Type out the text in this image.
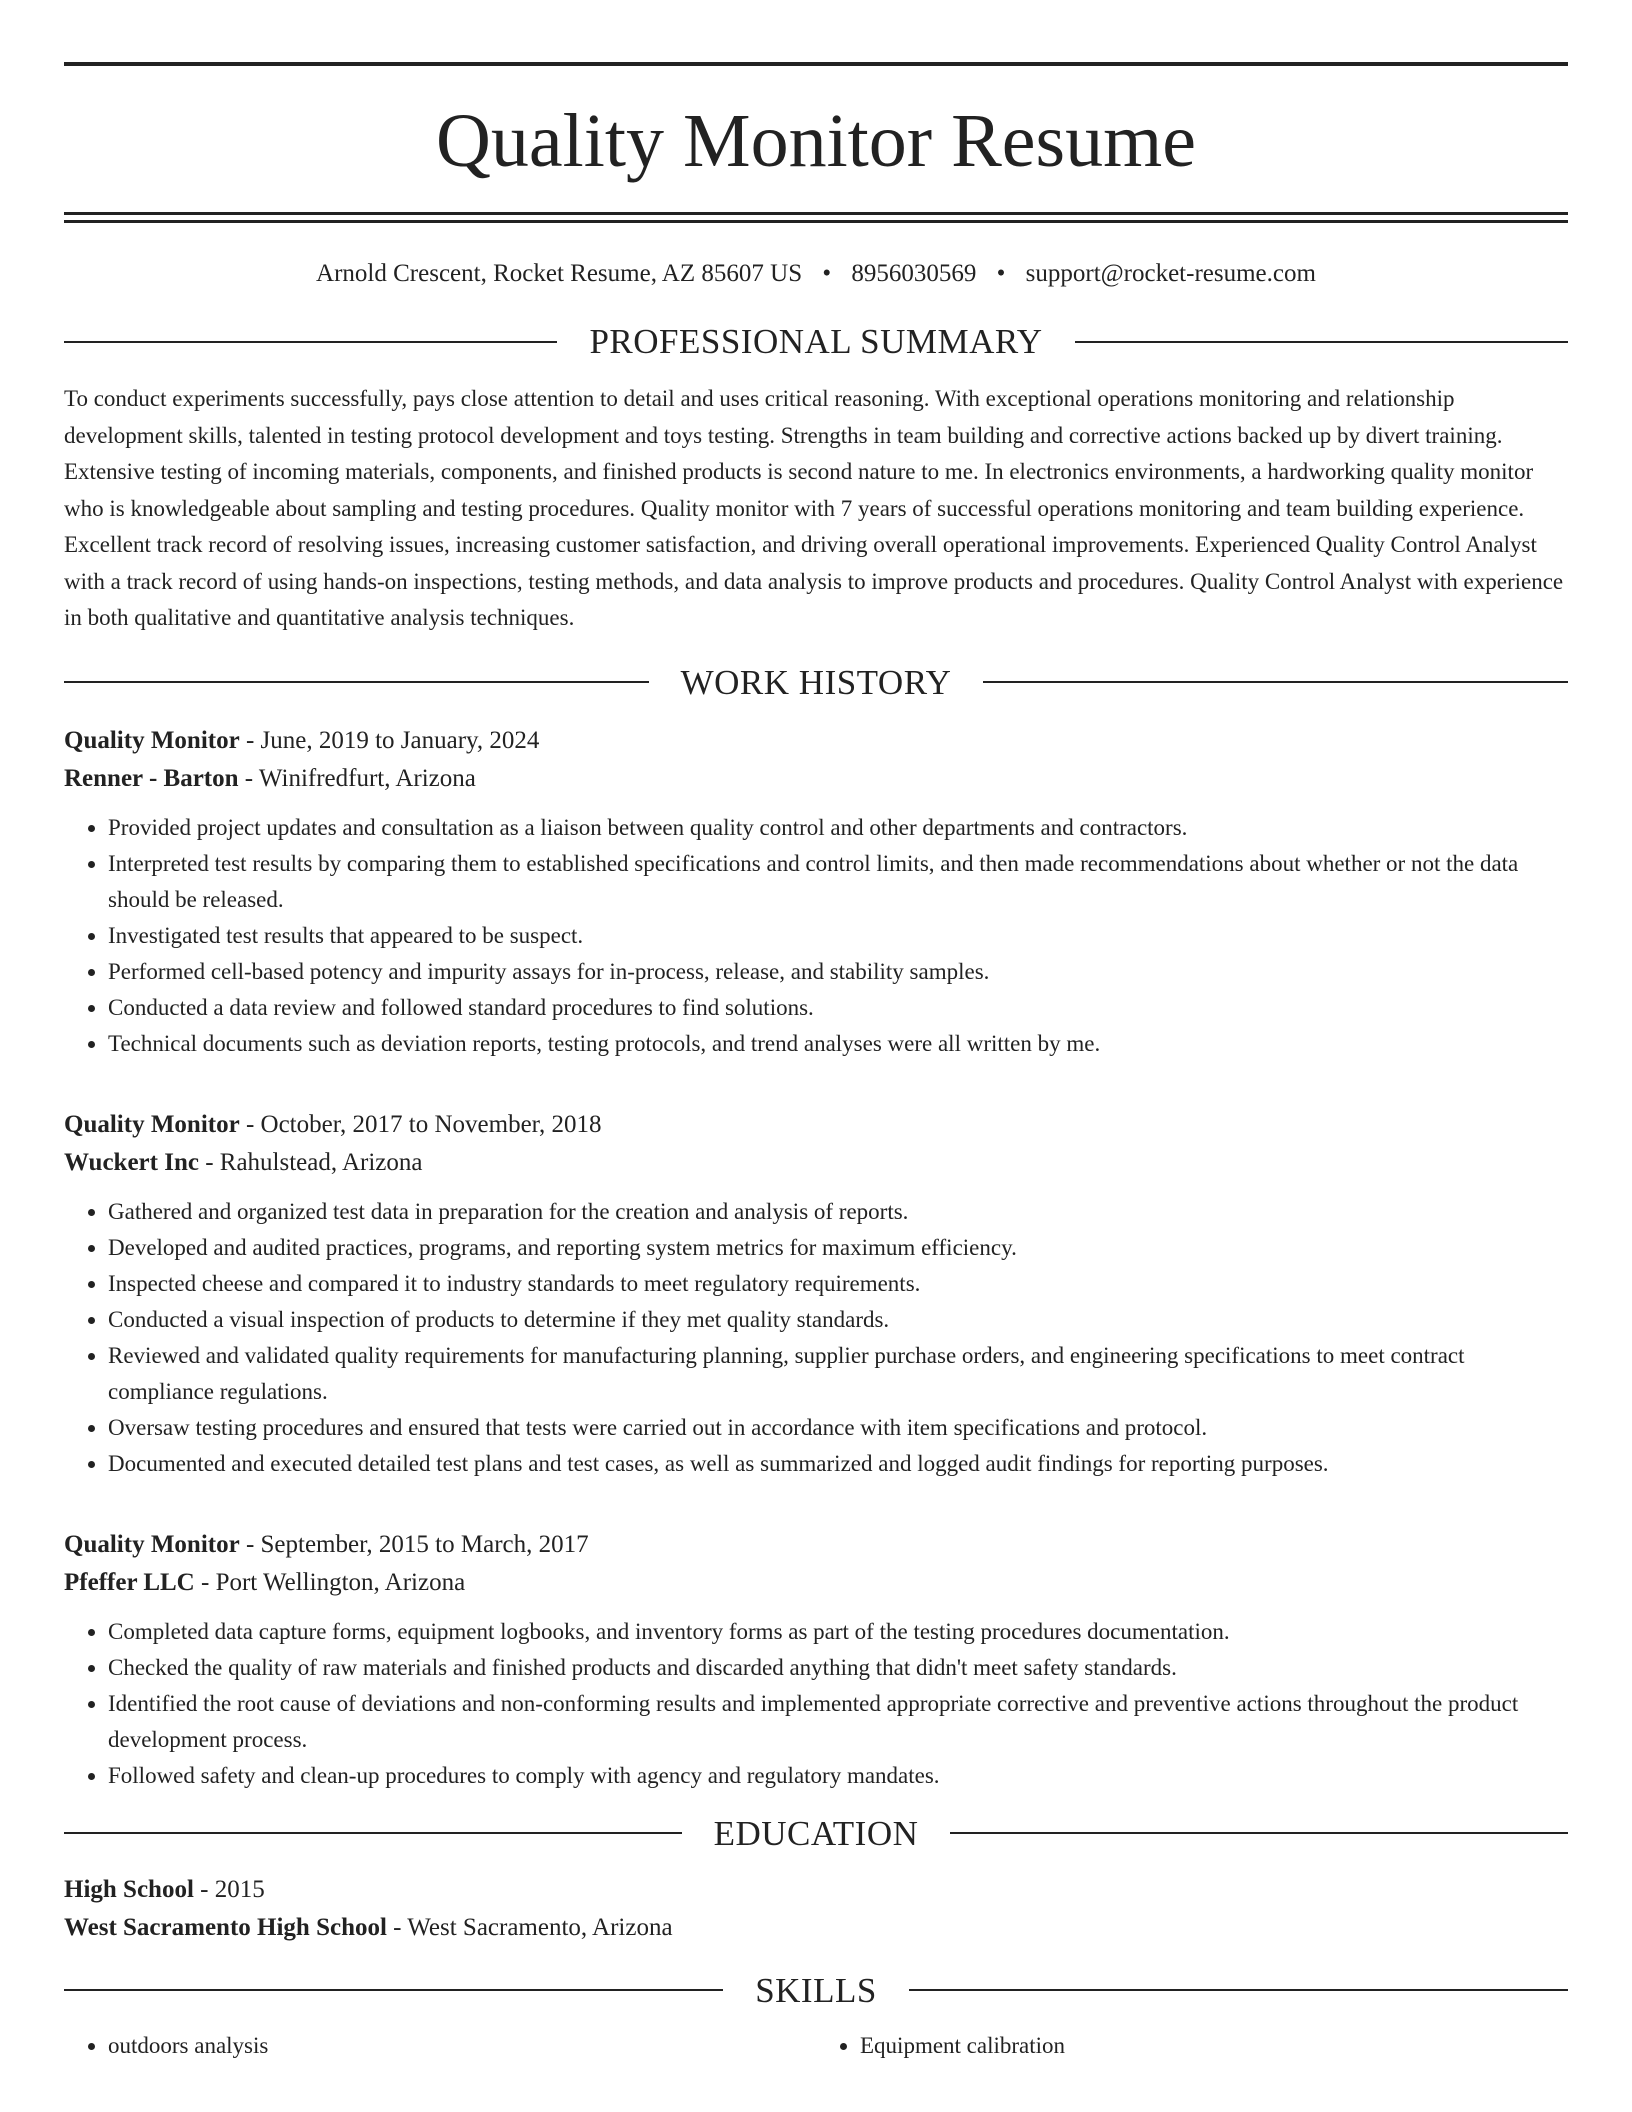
Quality Monitor Resume
Arnold Crescent, Rocket Resume, AZ 85607 US • 8956030569 • support@rocket-resume.com
PROFESSIONAL SUMMARY
To conduct experiments successfully, pays close attention to detail and uses critical reasoning. With exceptional operations monitoring and relationship development skills, talented in testing protocol development and toys testing. Strengths in team building and corrective actions backed up by divert training. Extensive testing of incoming materials, components, and finished products is second nature to me. In electronics environments, a hardworking quality monitor who is knowledgeable about sampling and testing procedures. Quality monitor with 7 years of successful operations monitoring and team building experience. Excellent track record of resolving issues, increasing customer satisfaction, and driving overall operational improvements. Experienced Quality Control Analyst with a track record of using hands-on inspections, testing methods, and data analysis to improve products and procedures. Quality Control Analyst with experience in both qualitative and quantitative analysis techniques.
WORK HISTORY
Quality Monitor - June, 2019 to January, 2024
Renner - Barton - Winifredfurt, Arizona
• Provided project updates and consultation as a liaison between quality control and other departments and contractors.
• Interpreted test results by comparing them to established specifications and control limits, and then made recommendations about whether or not the data should be released.
• Investigated test results that appeared to be suspect.
• Performed cell-based potency and impurity assays for in-process, release, and stability samples.
• Conducted a data review and followed standard procedures to find solutions.
• Technical documents such as deviation reports, testing protocols, and trend analyses were all written by me.
Quality Monitor - October, 2017 to November, 2018
Wuckert Inc - Rahulstead, Arizona
• Gathered and organized test data in preparation for the creation and analysis of reports.
• Developed and audited practices, programs, and reporting system metrics for maximum efficiency.
• Inspected cheese and compared it to industry standards to meet regulatory requirements.
• Conducted a visual inspection of products to determine if they met quality standards.
• Reviewed and validated quality requirements for manufacturing planning, supplier purchase orders, and engineering specifications to meet contract compliance regulations.
• Oversaw testing procedures and ensured that tests were carried out in accordance with item specifications and protocol.
• Documented and executed detailed test plans and test cases, as well as summarized and logged audit findings for reporting purposes.
Quality Monitor - September, 2015 to March, 2017
Pfeffer LLC - Port Wellington, Arizona
• Completed data capture forms, equipment logbooks, and inventory forms as part of the testing procedures documentation.
• Checked the quality of raw materials and finished products and discarded anything that didn't meet safety standards.
• Identified the root cause of deviations and non-conforming results and implemented appropriate corrective and preventive actions throughout the product development process.
• Followed safety and clean-up procedures to comply with agency and regulatory mandates.
EDUCATION
High School - 2015
West Sacramento High School - West Sacramento, Arizona
SKILLS
• outdoors analysis
•	Equipment calibration
